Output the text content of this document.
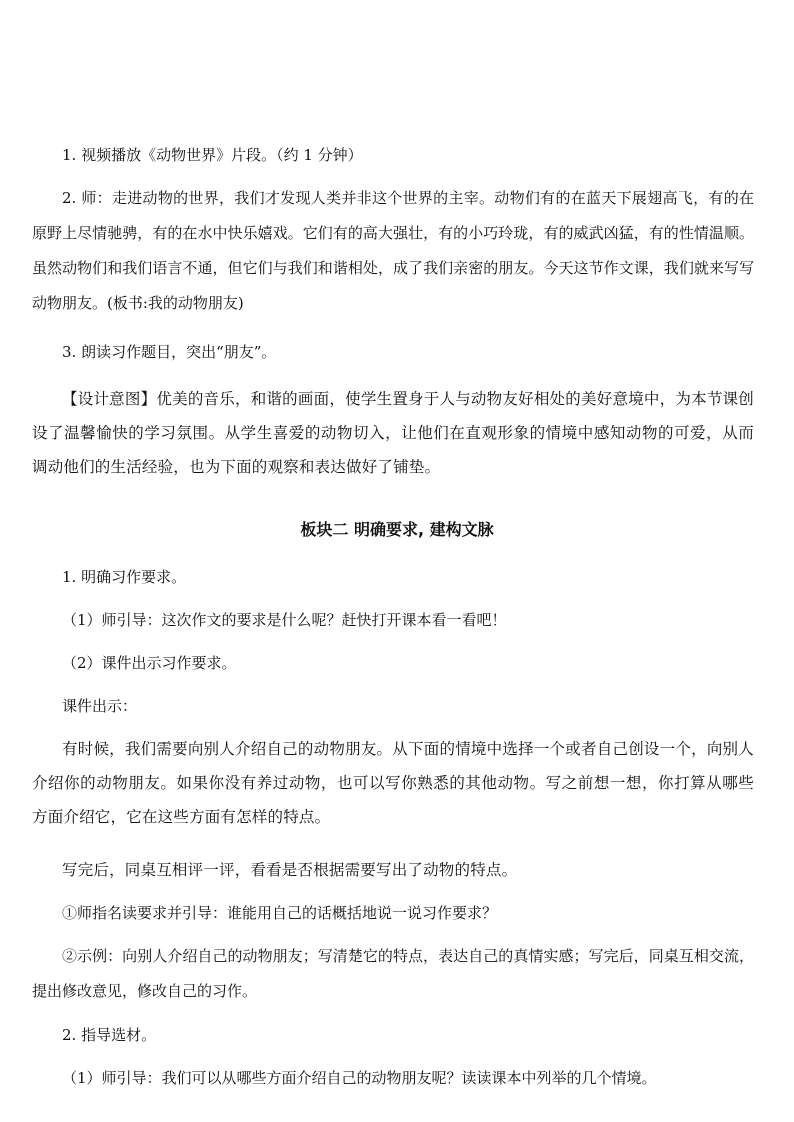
1. 视频播放《动物世界》片段。（约 1 分钟）

2. 师：走进动物的世界，我们才发现人类并非这个世界的主宰。动物们有的在蓝天下展翅高飞，有的在原野上尽情驰骋，有的在水中快乐嬉戏。它们有的高大强壮，有的小巧玲珑，有的威武凶猛，有的性情温顺。虽然动物们和我们语言不通，但它们与我们和谐相处，成了我们亲密的朋友。今天这节作文课，我们就来写写动物朋友。(板书:我的动物朋友)

3. 朗读习作题目，突出“朋友”。

【设计意图】优美的音乐，和谐的画面，使学生置身于人与动物友好相处的美好意境中，为本节课创设了温馨愉快的学习氛围。从学生喜爱的动物切入，让他们在直观形象的情境中感知动物的可爱，从而调动他们的生活经验，也为下面的观察和表达做好了铺垫。

板块二 明确要求, 建构文脉

1. 明确习作要求。

（1）师引导：这次作文的要求是什么呢？赶快打开课本看一看吧！

（2）课件出示习作要求。

课件出示：

有时候，我们需要向别人介绍自己的动物朋友。从下面的情境中选择一个或者自己创设一个，向别人介绍你的动物朋友。如果你没有养过动物，也可以写你熟悉的其他动物。写之前想一想，你打算从哪些方面介绍它，它在这些方面有怎样的特点。

写完后，同桌互相评一评，看看是否根据需要写出了动物的特点。

①师指名读要求并引导：谁能用自己的话概括地说一说习作要求？

②示例：向别人介绍自己的动物朋友；写清楚它的特点，表达自己的真情实感；写完后，同桌互相交流，提出修改意见，修改自己的习作。

2. 指导选材。

（1）师引导：我们可以从哪些方面介绍自己的动物朋友呢？读读课本中列举的几个情境。
